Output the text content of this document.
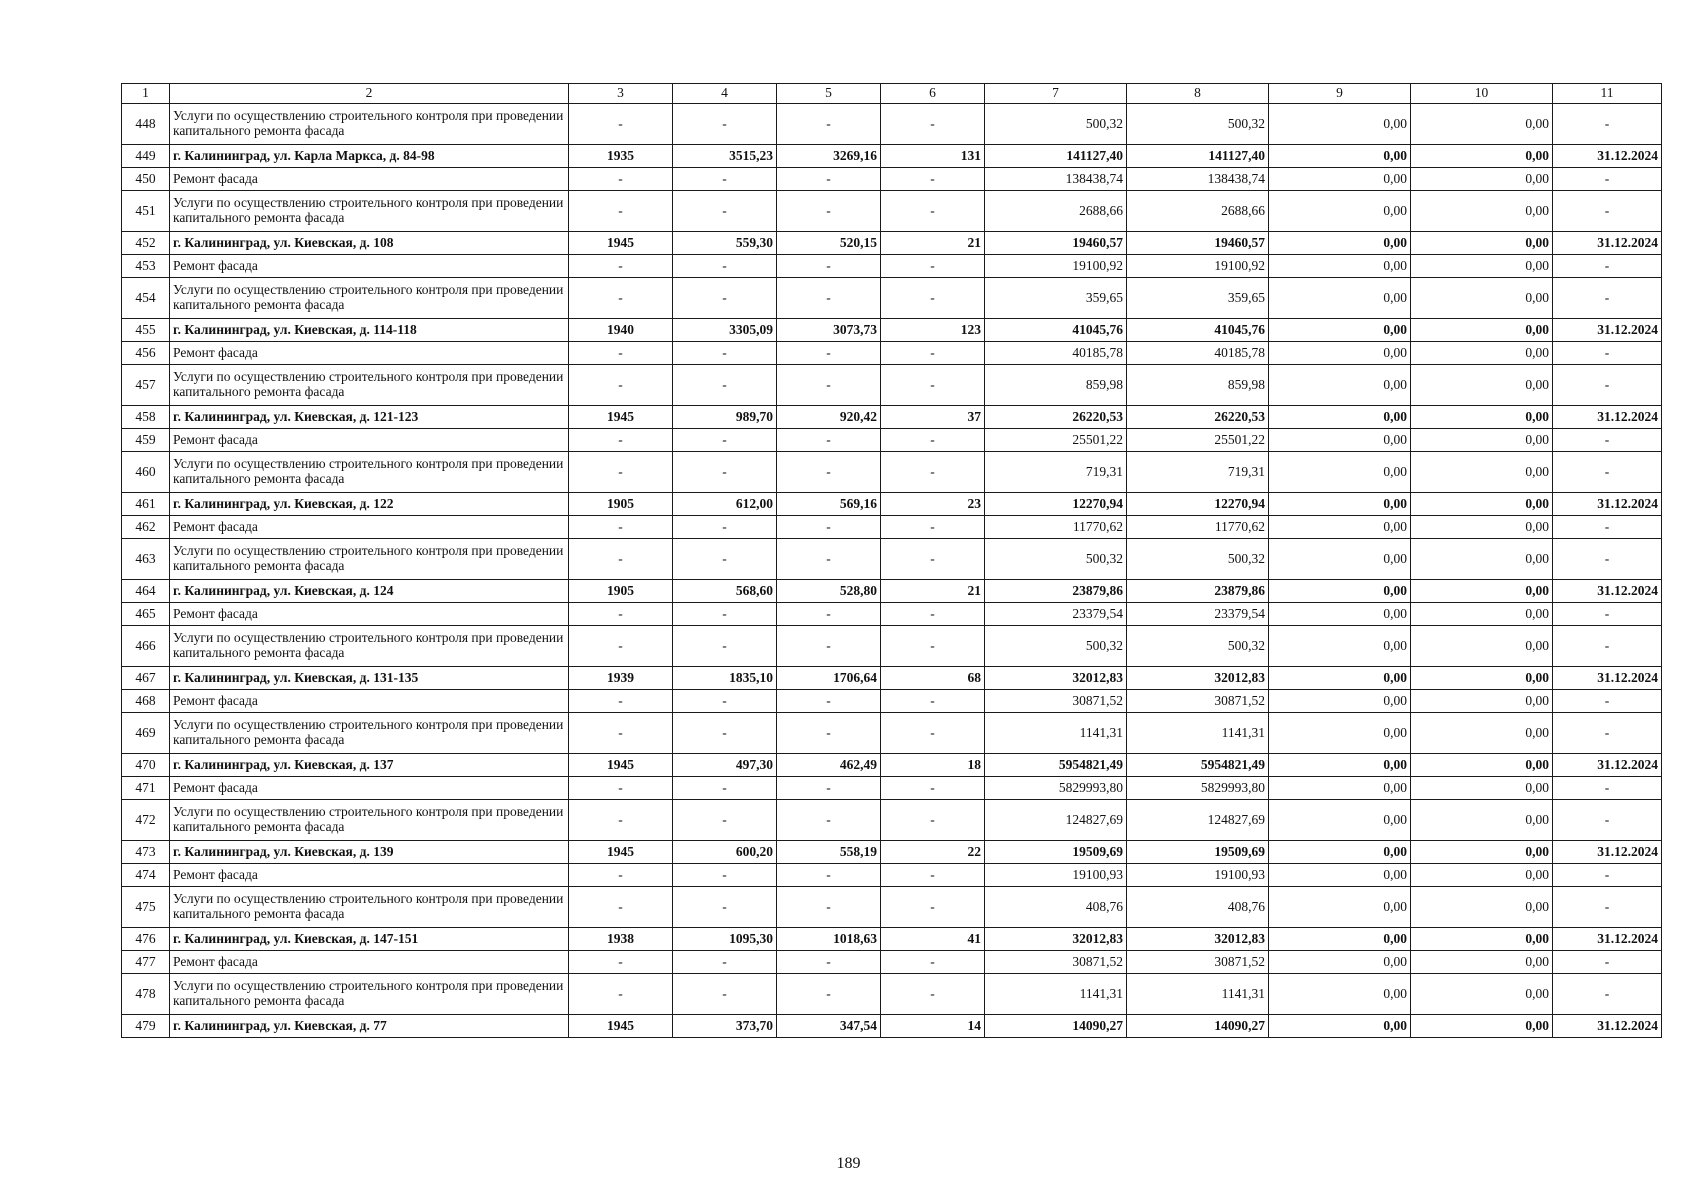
1	2	3	4	5	6	7	8	9	10	11
448	Услуги по осуществлению строительного контроля при проведении капитального ремонта фасада	-	-	-	-	500,32	500,32	0,00	0,00	-
449	г. Калининград, ул. Карла Маркса, д. 84-98	1935	3515,23	3269,16	131	141127,40	141127,40	0,00	0,00	31.12.2024
450	Ремонт фасада	-	-	-	-	138438,74	138438,74	0,00	0,00	-
451	Услуги по осуществлению строительного контроля при проведении капитального ремонта фасада	-	-	-	-	2688,66	2688,66	0,00	0,00	-
452	г. Калининград, ул. Киевская, д. 108	1945	559,30	520,15	21	19460,57	19460,57	0,00	0,00	31.12.2024
453	Ремонт фасада	-	-	-	-	19100,92	19100,92	0,00	0,00	-
454	Услуги по осуществлению строительного контроля при проведении капитального ремонта фасада	-	-	-	-	359,65	359,65	0,00	0,00	-
455	г. Калининград, ул. Киевская, д. 114-118	1940	3305,09	3073,73	123	41045,76	41045,76	0,00	0,00	31.12.2024
456	Ремонт фасада	-	-	-	-	40185,78	40185,78	0,00	0,00	-
457	Услуги по осуществлению строительного контроля при проведении капитального ремонта фасада	-	-	-	-	859,98	859,98	0,00	0,00	-
458	г. Калининград, ул. Киевская, д. 121-123	1945	989,70	920,42	37	26220,53	26220,53	0,00	0,00	31.12.2024
459	Ремонт фасада	-	-	-	-	25501,22	25501,22	0,00	0,00	-
460	Услуги по осуществлению строительного контроля при проведении капитального ремонта фасада	-	-	-	-	719,31	719,31	0,00	0,00	-
461	г. Калининград, ул. Киевская, д. 122	1905	612,00	569,16	23	12270,94	12270,94	0,00	0,00	31.12.2024
462	Ремонт фасада	-	-	-	-	11770,62	11770,62	0,00	0,00	-
463	Услуги по осуществлению строительного контроля при проведении капитального ремонта фасада	-	-	-	-	500,32	500,32	0,00	0,00	-
464	г. Калининград, ул. Киевская, д. 124	1905	568,60	528,80	21	23879,86	23879,86	0,00	0,00	31.12.2024
465	Ремонт фасада	-	-	-	-	23379,54	23379,54	0,00	0,00	-
466	Услуги по осуществлению строительного контроля при проведении капитального ремонта фасада	-	-	-	-	500,32	500,32	0,00	0,00	-
467	г. Калининград, ул. Киевская, д. 131-135	1939	1835,10	1706,64	68	32012,83	32012,83	0,00	0,00	31.12.2024
468	Ремонт фасада	-	-	-	-	30871,52	30871,52	0,00	0,00	-
469	Услуги по осуществлению строительного контроля при проведении капитального ремонта фасада	-	-	-	-	1141,31	1141,31	0,00	0,00	-
470	г. Калининград, ул. Киевская, д. 137	1945	497,30	462,49	18	5954821,49	5954821,49	0,00	0,00	31.12.2024
471	Ремонт фасада	-	-	-	-	5829993,80	5829993,80	0,00	0,00	-
472	Услуги по осуществлению строительного контроля при проведении капитального ремонта фасада	-	-	-	-	124827,69	124827,69	0,00	0,00	-
473	г. Калининград, ул. Киевская, д. 139	1945	600,20	558,19	22	19509,69	19509,69	0,00	0,00	31.12.2024
474	Ремонт фасада	-	-	-	-	19100,93	19100,93	0,00	0,00	-
475	Услуги по осуществлению строительного контроля при проведении капитального ремонта фасада	-	-	-	-	408,76	408,76	0,00	0,00	-
476	г. Калининград, ул. Киевская, д. 147-151	1938	1095,30	1018,63	41	32012,83	32012,83	0,00	0,00	31.12.2024
477	Ремонт фасада	-	-	-	-	30871,52	30871,52	0,00	0,00	-
478	Услуги по осуществлению строительного контроля при проведении капитального ремонта фасада	-	-	-	-	1141,31	1141,31	0,00	0,00	-
479	г. Калининград, ул. Киевская, д. 77	1945	373,70	347,54	14	14090,27	14090,27	0,00	0,00	31.12.2024
189
